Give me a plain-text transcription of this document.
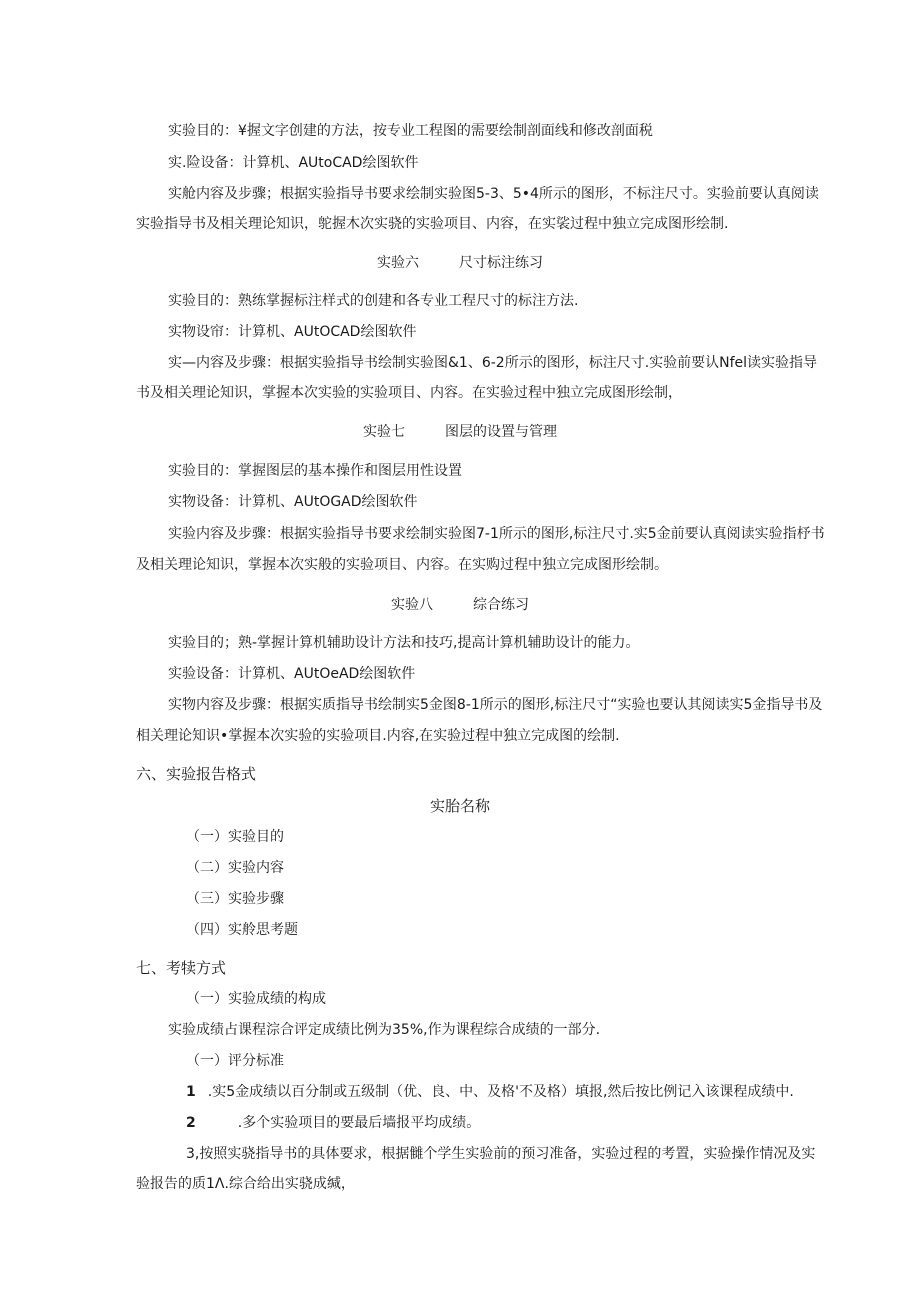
实验目的：¥握文字创建的方法，按专业工程图的需要绘制剖面线和修改剖面税
实.险设备：计算机、AUtoCAD绘图软件
实舱内容及步骤；根据实验指导书要求绘制实验图5-3、5•4所示的图形，不标注尺寸。实验前要认真阅读
实验指导书及相关理论知识，鸵握木次实骁的实验项目、内容，在实裟过程中独立完成图形绘制.
实验六	尺寸标注练习
实验目的：熟练掌握标注样式的创建和各专业工程尺寸的标注方法.
实物设帘：计算机、AUtOCAD绘图软件
实—内容及步骤：根据实验指导书绘制实验图&1、6-2所示的图形，标注尺寸.实验前要认Nfel读实验指导
书及相关理论知识，掌握本次实验的实验项目、内容。在实验过程中独立完成图形绘制，
实验七	图层的设置与管理
实验目的：掌握图层的基本操作和图层用性设置
实物设备：计算机、AUtOGAD绘图软件
实验内容及步骤：根据实验指导书要求绘制实验图7-1所示的图形,标注尺寸.实5金前要认真阅读实验指杼书
及相关理论知识，掌握本次实般的实验项目、内容。在实购过程中独立完成图形绘制。
实验八	综合练习
实验目的；熟-掌握计算机辅助设计方法和技巧,提高计算机辅助设计的能力。
实验设备：计算机、AUtOeAD绘图软件
实物内容及步骤：根据实质指导书绘制实5金图8-1所示的图形,标注尺寸“实验也要认其阅读实5金指导书及
相关理论知识•掌握本次实验的实验项目.内容,在实验过程中独立完成图的绘制.
六、实验报告格式
实胎名称
（一）实验目的
（二）实验内容
（三）实验步骤
（四）实舲思考题
七、考犊方式
（一）实验成绩的构成
实验成绩占课程淙合评定成绩比例为35%,作为课程综合成绩的一部分.
（一）评分标准
1 .实5金成绩以百分制或五级制（优、良、中、及格'不及格）填报,然后按比例记入该课程成绩中.
2	.多个实验项目的要最后墙报平均成绩。
3,按照实骁指导书的具体要求，根据雠个学生实验前的预习准备，实验过程的考置，实验操作情况及实
验报告的质1Λ.综合给出实骁成缄，
